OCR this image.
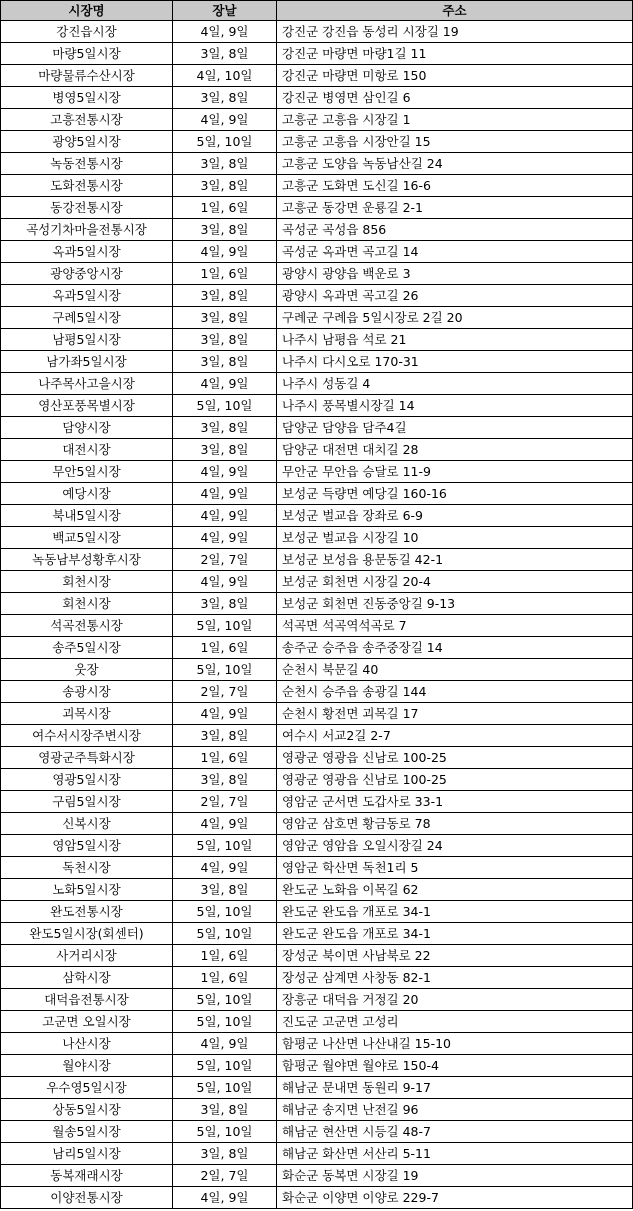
시장명	장날	주소
강진읍시장	4일, 9일	강진군 강진읍 동성리 시장길 19
마량5일시장	3일, 8일	강진군 마량면 마량1길 11
마량물류수산시장	4일, 10일	강진군 마량면 미항로 150
병영5일시장	3일, 8일	강진군 병영면 삼인길 6
고흥전통시장	4일, 9일	고흥군 고흥읍 시장길 1
광양5일시장	5일, 10일	고흥군 고흥읍 시장안길 15
녹동전통시장	3일, 8일	고흥군 도양읍 녹동남산길 24
도화전통시장	3일, 8일	고흥군 도화면 도신길 16-6
동강전통시장	1일, 6일	고흥군 동강면 운룡길 2-1
곡성기차마을전통시장	3일, 8일	곡성군 곡성읍 856
옥과5일시장	4일, 9일	곡성군 옥과면 곡고길 14
광양중앙시장	1일, 6일	광양시 광양읍 백운로 3
옥과5일시장	3일, 8일	광양시 옥과면 곡고길 26
구례5일시장	3일, 8일	구례군 구례읍 5일시장로 2길 20
남평5일시장	3일, 8일	나주시 남평읍 석로 21
남가좌5일시장	3일, 8일	나주시 다시오로 170-31
나주목사고을시장	4일, 9일	나주시 성동길 4
영산포풍목별시장	5일, 10일	나주시 풍목별시장길 14
담양시장	3일, 8일	담양군 담양읍 담주4길
대전시장	3일, 8일	담양군 대전면 대치길 28
무안5일시장	4일, 9일	무안군 무안읍 승달로 11-9
예당시장	4일, 9일	보성군 득량면 예당길 160-16
북내5일시장	4일, 9일	보성군 벌교읍 장좌로 6-9
백교5일시장	4일, 9일	보성군 벌교읍 시장길 10
녹동남부성황후시장	2일, 7일	보성군 보성읍 용문동길 42-1
회천시장	4일, 9일	보성군 회천면 시장길 20-4
회천시장	3일, 8일	보성군 회천면 진동중앙길 9-13
석곡전통시장	5일, 10일	석곡면 석곡역석곡로 7
송주5일시장	1일, 6일	송주군 승주읍 송주중장길 14
웃장	5일, 10일	순천시 북문길 40
송광시장	2일, 7일	순천시 승주읍 송광길 144
괴목시장	4일, 9일	순천시 황전면 괴목길 17
여수서시장주변시장	3일, 8일	여수시 서교2길 2-7
영광군주특화시장	1일, 6일	영광군 영광읍 신남로 100-25
영광5일시장	3일, 8일	영광군 영광읍 신남로 100-25
구림5일시장	2일, 7일	영암군 군서면 도갑사로 33-1
신복시장	4일, 9일	영암군 삼호면 황금동로 78
영암5일시장	5일, 10일	영암군 영암읍 오일시장길 24
독천시장	4일, 9일	영암군 학산면 독천1리 5
노화5일시장	3일, 8일	완도군 노화읍 이목길 62
완도전통시장	5일, 10일	완도군 완도읍 개포로 34-1
완도5일시장(회센터)	5일, 10일	완도군 완도읍 개포로 34-1
사거리시장	1일, 6일	장성군 북이면 사남북로 22
삼학시장	1일, 6일	장성군 삼계면 사창동 82-1
대덕읍전통시장	5일, 10일	장흥군 대덕읍 거정길 20
고군면 오일시장	5일, 10일	진도군 고군면 고성리
나산시장	4일, 9일	함평군 나산면 나산내길 15-10
월야시장	5일, 10일	함평군 월야면 월야로 150-4
우수영5일시장	5일, 10일	해남군 문내면 동원리 9-17
상동5일시장	3일, 8일	해남군 송지면 난전길 96
월송5일시장	5일, 10일	해남군 현산면 시등길 48-7
남리5일시장	3일, 8일	해남군 화산면 서산리 5-11
동복재래시장	2일, 7일	화순군 동복면 시장길 19
이양전통시장	4일, 9일	화순군 이양면 이양로 229-7
